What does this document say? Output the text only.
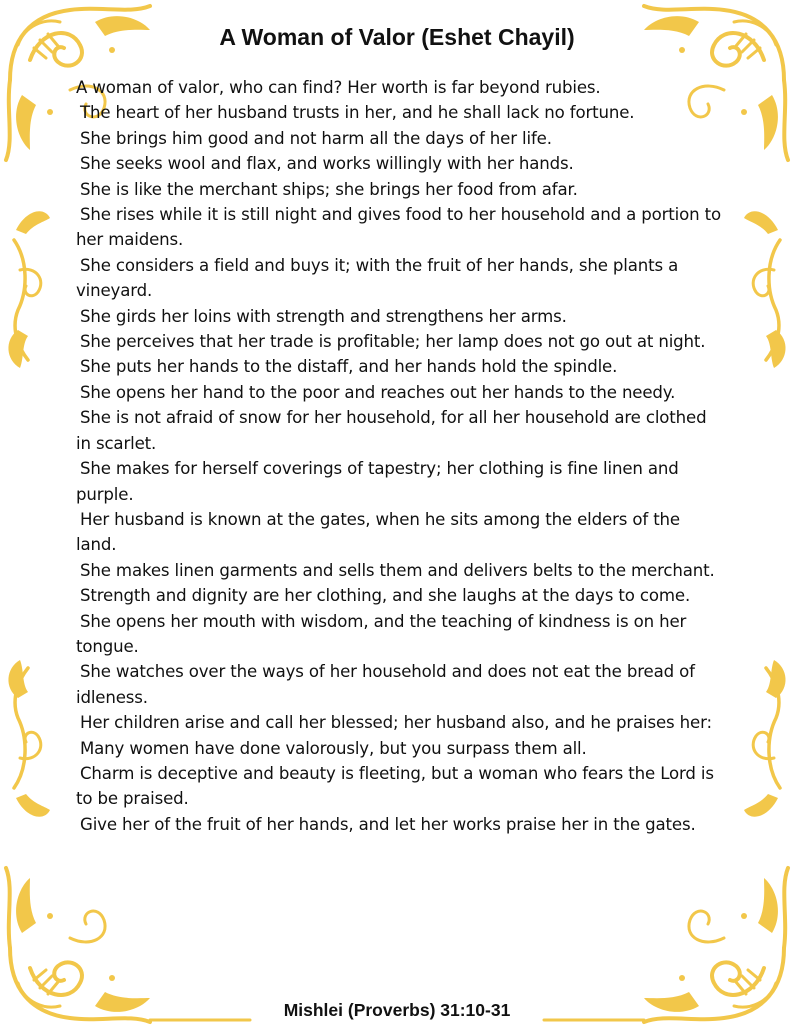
A Woman of Valor (Eshet Chayil)
A woman of valor, who can find? Her worth is far beyond rubies.
The heart of her husband trusts in her, and he shall lack no fortune.
She brings him good and not harm all the days of her life.
She seeks wool and flax, and works willingly with her hands.
She is like the merchant ships; she brings her food from afar.
She rises while it is still night and gives food to her household and a portion to her maidens.
She considers a field and buys it; with the fruit of her hands, she plants a vineyard.
She girds her loins with strength and strengthens her arms.
She perceives that her trade is profitable; her lamp does not go out at night.
She puts her hands to the distaff, and her hands hold the spindle.
She opens her hand to the poor and reaches out her hands to the needy.
She is not afraid of snow for her household, for all her household are clothed in scarlet.
She makes for herself coverings of tapestry; her clothing is fine linen and purple.
Her husband is known at the gates, when he sits among the elders of the land.
She makes linen garments and sells them and delivers belts to the merchant.
Strength and dignity are her clothing, and she laughs at the days to come.
She opens her mouth with wisdom, and the teaching of kindness is on her tongue.
She watches over the ways of her household and does not eat the bread of idleness.
Her children arise and call her blessed; her husband also, and he praises her:
Many women have done valorously, but you surpass them all.
Charm is deceptive and beauty is fleeting, but a woman who fears the Lord is to be praised.
Give her of the fruit of her hands, and let her works praise her in the gates.

Mishlei (Proverbs) 31:10-31
